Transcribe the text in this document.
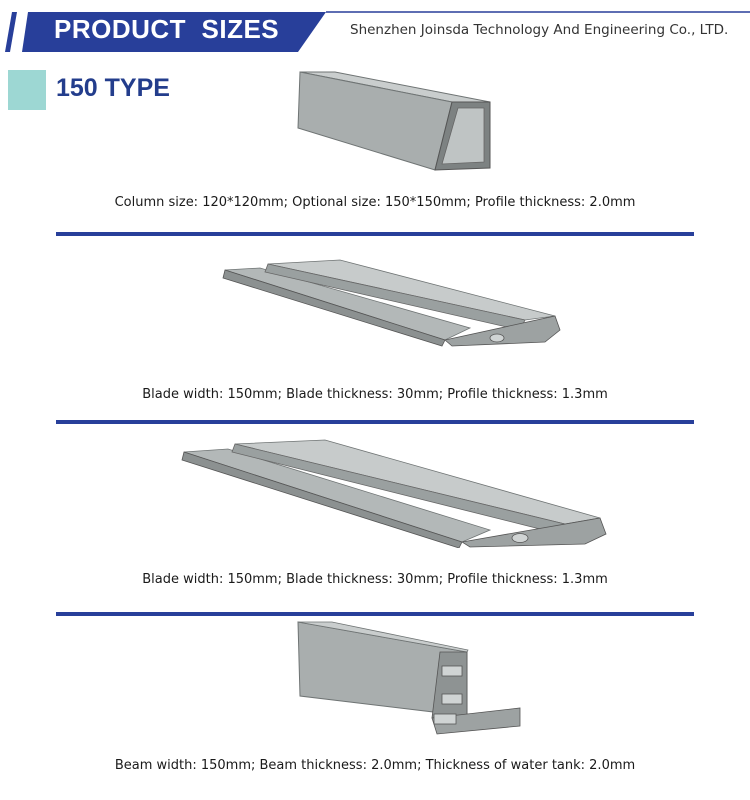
PRODUCT  SIZES	Shenzhen Joinsda Technology And Engineering Co., LTD.
150 TYPE
Column size: 120*120mm; Optional size: 150*150mm; Profile thickness: 2.0mm
Blade width: 150mm; Blade thickness: 30mm; Profile thickness: 1.3mm
Blade width: 150mm; Blade thickness: 30mm; Profile thickness: 1.3mm
Beam width: 150mm; Beam thickness: 2.0mm; Thickness of water tank: 2.0mm
